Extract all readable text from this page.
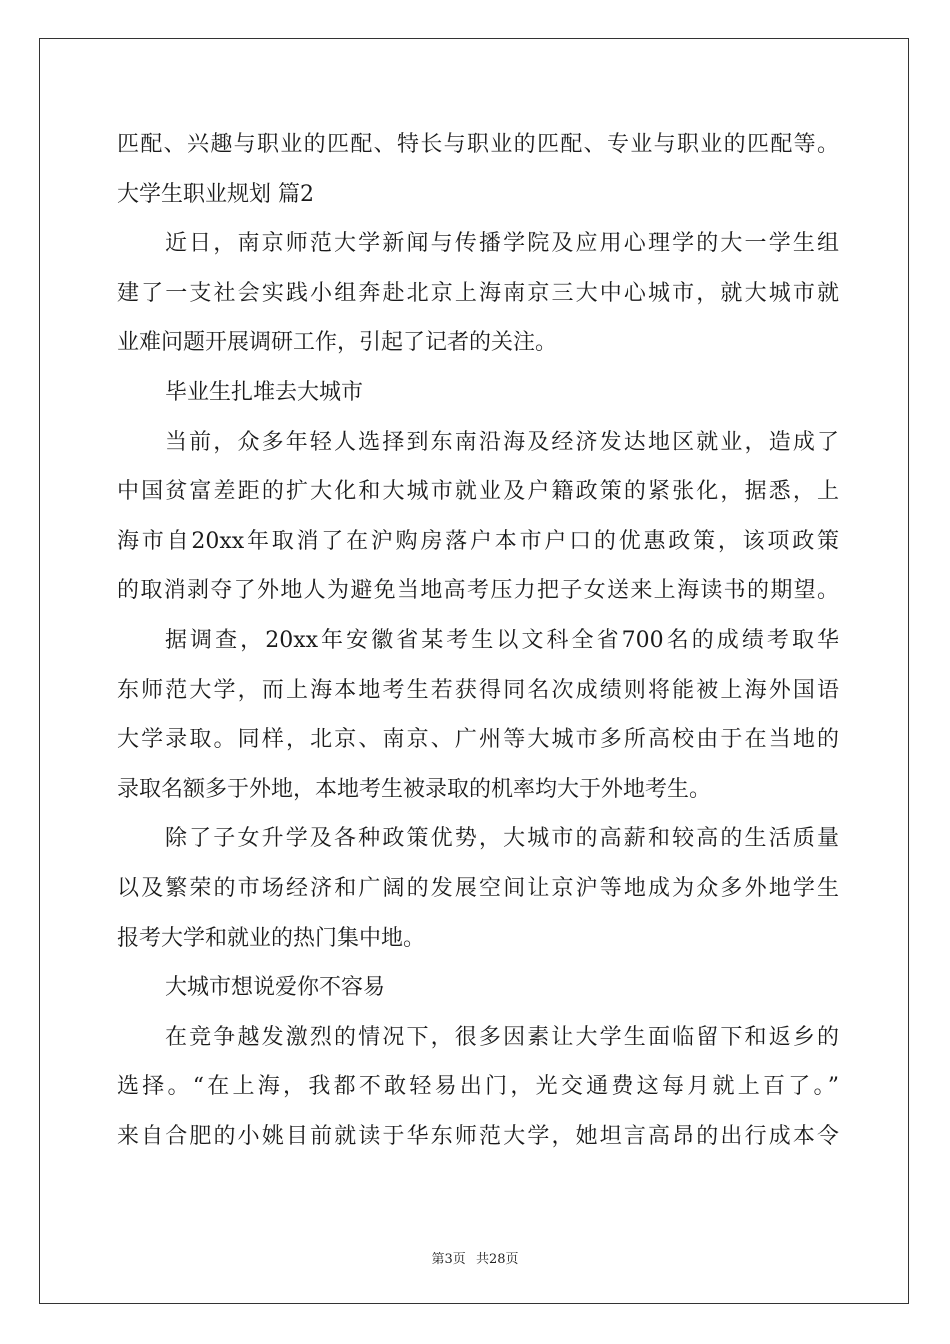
匹配、兴趣与职业的匹配、特长与职业的匹配、专业与职业的匹配等。
大学生职业规划 篇2
近日，南京师范大学新闻与传播学院及应用心理学的大一学生组
建了一支社会实践小组奔赴北京上海南京三大中心城市，就大城市就
业难问题开展调研工作，引起了记者的关注。
毕业生扎堆去大城市
当前，众多年轻人选择到东南沿海及经济发达地区就业，造成了
中国贫富差距的扩大化和大城市就业及户籍政策的紧张化，据悉，上
海市自20xx年取消了在沪购房落户本市户口的优惠政策，该项政策
的取消剥夺了外地人为避免当地高考压力把子女送来上海读书的期望。
据调查，20xx年安徽省某考生以文科全省700名的成绩考取华
东师范大学，而上海本地考生若获得同名次成绩则将能被上海外国语
大学录取。同样，北京、南京、广州等大城市多所高校由于在当地的
录取名额多于外地，本地考生被录取的机率均大于外地考生。
除了子女升学及各种政策优势，大城市的高薪和较高的生活质量
以及繁荣的市场经济和广阔的发展空间让京沪等地成为众多外地学生
报考大学和就业的热门集中地。
大城市想说爱你不容易
在竞争越发激烈的情况下，很多因素让大学生面临留下和返乡的
选择。“在上海，我都不敢轻易出门，光交通费这每月就上百了。”
来自合肥的小姚目前就读于华东师范大学，她坦言高昂的出行成本令
第3页 共28页
